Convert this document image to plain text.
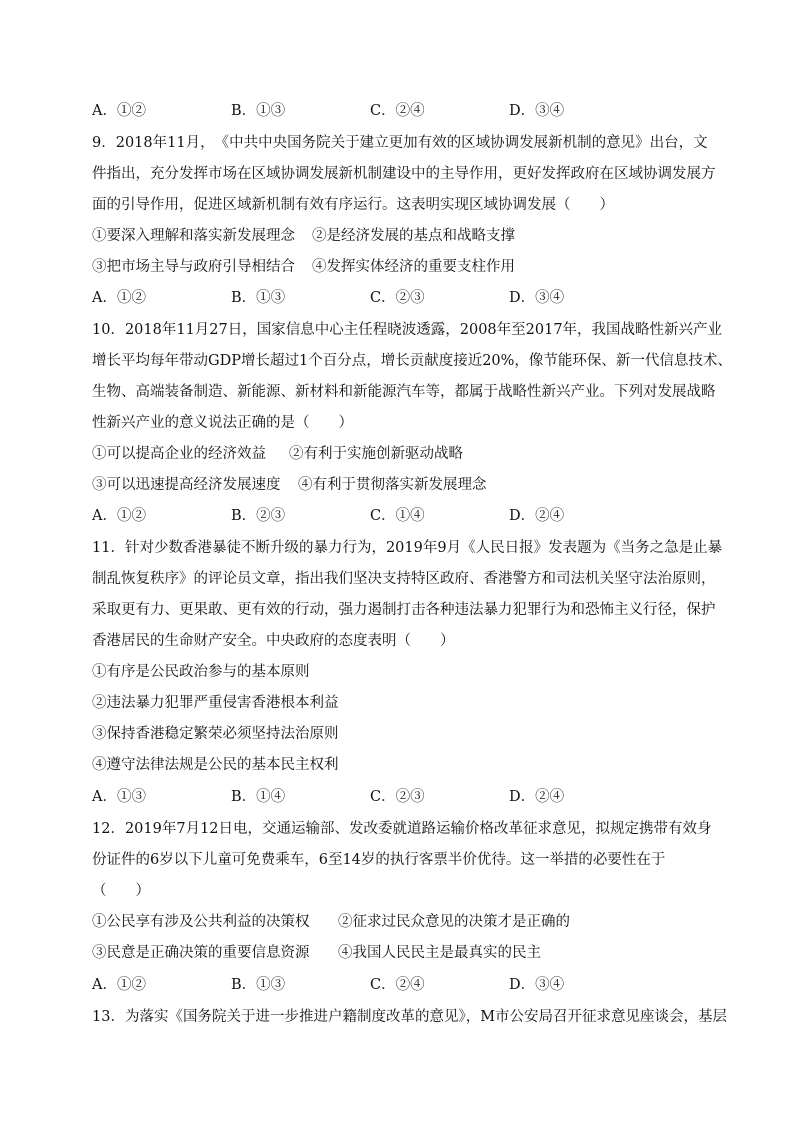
A．①②	B．①③	C．②④	D．③④
9．2018年11月，　《中共中央国务院关于建立更加有效的区域协调发展新机制的意见》出台，文
件指出，充分发挥市场在区域协调发展新机制建设中的主导作用，更好发挥政府在区域协调发展方
面的引导作用，促进区域新机制有效有序运行。这表明实现区域协调发展（　　）
①要深入理解和落实新发展理念 ②是经济发展的基点和战略支撑
③把市场主导与政府引导相结合 ④发挥实体经济的重要支柱作用
A．①②	B．①③	C．②③	D．③④
10．2018年11月27日，国家信息中心主任程晓波透露，2008年至2017年，我国战略性新兴产业
增长平均每年带动GDP增长超过1个百分点，增长贡献度接近20%，像节能环保、新一代信息技术、
生物、高端装备制造、新能源、新材料和新能源汽车等，都属于战略性新兴产业。下列对发展战略
性新兴产业的意义说法正确的是（　　）
①可以提高企业的经济效益 ②有利于实施创新驱动战略
③可以迅速提高经济发展速度 ④有利于贯彻落实新发展理念
A．①②	B．②③	C．①④	D．②④
11．针对少数香港暴徒不断升级的暴力行为，2019年9月《人民日报》发表题为《当务之急是止暴
制乱恢复秩序》的评论员文章，指出我们坚决支持特区政府、香港警方和司法机关坚守法治原则，
采取更有力、更果敢、更有效的行动，强力遏制打击各种违法暴力犯罪行为和恐怖主义行径，保护
香港居民的生命财产安全。中央政府的态度表明（　　）
①有序是公民政治参与的基本原则
②违法暴力犯罪严重侵害香港根本利益
③保持香港稳定繁荣必须坚持法治原则
④遵守法律法规是公民的基本民主权利
A．①③	B．①④	C．②③	D．②④
12．2019年7月12日电，交通运输部、发改委就道路运输价格改革征求意见，拟规定携带有效身
份证件的6岁以下儿童可免费乘车，6至14岁的执行客票半价优待。这一举措的必要性在于
（　　）
①公民享有涉及公共利益的决策权 ②征求过民众意见的决策才是正确的
③民意是正确决策的重要信息资源 ④我国人民民主是最真实的民主
A．①②	B．①③	C．②④	D．③④
13．为落实《国务院关于进一步推进户籍制度改革的意见》，M市公安局召开征求意见座谈会，基层
